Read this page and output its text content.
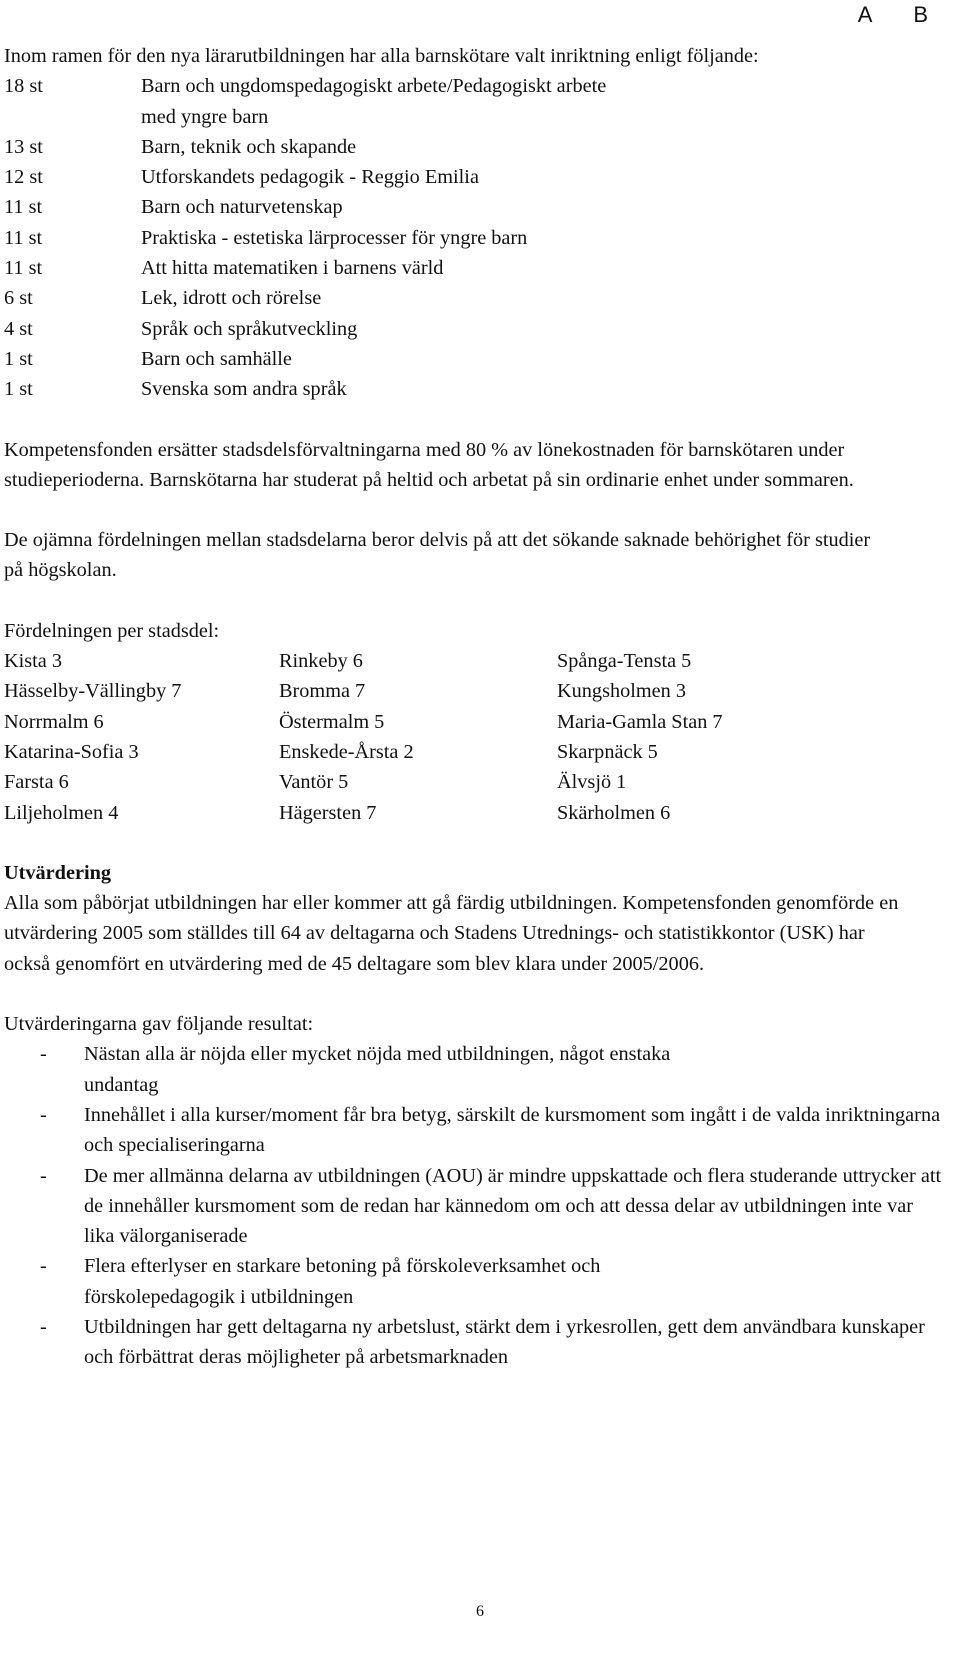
A B

Inom ramen för den nya lärarutbildningen har alla barnskötare valt inriktning enligt följande:

18 st	Barn och ungdomspedagogiskt arbete/Pedagogiskt arbete
med yngre barn
13 st	Barn, teknik och skapande
12 st	Utforskandets pedagogik - Reggio Emilia
11 st	Barn och naturvetenskap
11 st	Praktiska - estetiska lärprocesser för yngre barn
11 st	Att hitta matematiken i barnens värld
6 st	Lek, idrott och rörelse
4 st	Språk och språkutveckling
1 st	Barn och samhälle
1 st	Svenska som andra språk

Kompetensfonden ersätter stadsdelsförvaltningarna med 80 % av lönekostnaden för barnskötaren under studieperioderna. Barnskötarna har studerat på heltid och arbetat på sin ordinarie enhet under sommaren.

De ojämna fördelningen mellan stadsdelarna beror delvis på att det sökande saknade behörighet för studier på högskolan.

Fördelningen per stadsdel:

Kista 3	Rinkeby 6	Spånga-Tensta 5
Hässelby-Vällingby 7	Bromma 7	Kungsholmen 3
Norrmalm 6	Östermalm 5	Maria-Gamla Stan 7
Katarina-Sofia 3	Enskede-Årsta 2	Skarpnäck 5
Farsta 6	Vantör 5	Älvsjö 1
Liljeholmen 4	Hägersten 7	Skärholmen 6

Utvärdering

Alla som påbörjat utbildningen har eller kommer att gå färdig utbildningen. Kompetensfonden genomförde en utvärdering 2005 som ställdes till 64 av deltagarna och Stadens Utrednings- och statistikkontor (USK) har också genomfört en utvärdering med de 45 deltagare som blev klara under 2005/2006.

Utvärderingarna gav följande resultat:

-	Nästan alla är nöjda eller mycket nöjda med utbildningen, något enstaka undantag
-	Innehållet i alla kurser/moment får bra betyg, särskilt de kursmoment som ingått i de valda inriktningarna och specialiseringarna
-	De mer allmänna delarna av utbildningen (AOU) är mindre uppskattade och flera studerande uttrycker att de innehåller kursmoment som de redan har kännedom om och att dessa delar av utbildningen inte var lika välorganiserade
-	Flera efterlyser en starkare betoning på förskoleverksamhet och förskolepedagogik i utbildningen
-	Utbildningen har gett deltagarna ny arbetslust, stärkt dem i yrkesrollen, gett dem användbara kunskaper och förbättrat deras möjligheter på arbetsmarknaden
6
